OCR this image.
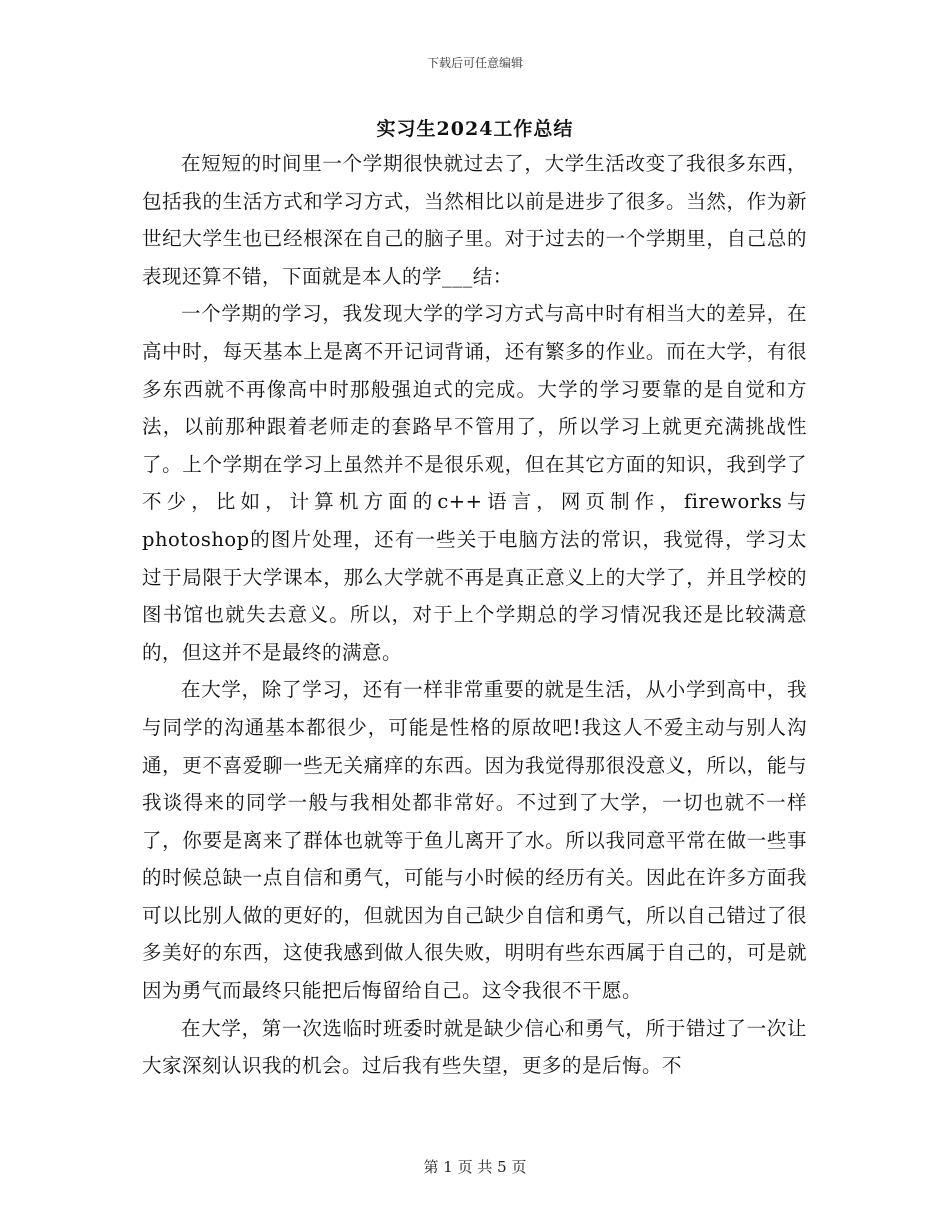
下载后可任意编辑
实习生2024工作总结

在短短的时间里一个学期很快就过去了，大学生活改变了我很多东西，包括我的生活方式和学习方式，当然相比以前是进步了很多。当然，作为新世纪大学生也已经根深在自己的脑子里。对于过去的一个学期里，自己总的表现还算不错，下面就是本人的学___结：

一个学期的学习，我发现大学的学习方式与高中时有相当大的差异，在高中时，每天基本上是离不开记词背诵，还有繁多的作业。而在大学，有很多东西就不再像高中时那般强迫式的完成。大学的学习要靠的是自觉和方法，以前那种跟着老师走的套路早不管用了，所以学习上就更充满挑战性了。上个学期在学习上虽然并不是很乐观，但在其它方面的知识，我到学了不少，比如，计算机方面的c++语言，网页制作，fireworks与photoshop的图片处理，还有一些关于电脑方法的常识，我觉得，学习太过于局限于大学课本，那么大学就不再是真正意义上的大学了，并且学校的图书馆也就失去意义。所以，对于上个学期总的学习情况我还是比较满意的，但这并不是最终的满意。

在大学，除了学习，还有一样非常重要的就是生活，从小学到高中，我与同学的沟通基本都很少，可能是性格的原故吧!我这人不爱主动与别人沟通，更不喜爱聊一些无关痛痒的东西。因为我觉得那很没意义，所以，能与我谈得来的同学一般与我相处都非常好。不过到了大学，一切也就不一样了，你要是离来了群体也就等于鱼儿离开了水。所以我同意平常在做一些事的时候总缺一点自信和勇气，可能与小时候的经历有关。因此在许多方面我可以比别人做的更好的，但就因为自己缺少自信和勇气，所以自己错过了很多美好的东西，这使我感到做人很失败，明明有些东西属于自己的，可是就因为勇气而最终只能把后悔留给自己。这令我很不干愿。

在大学，第一次选临时班委时就是缺少信心和勇气，所于错过了一次让大家深刻认识我的机会。过后我有些失望，更多的是后悔。不

第 1 页 共 5 页
